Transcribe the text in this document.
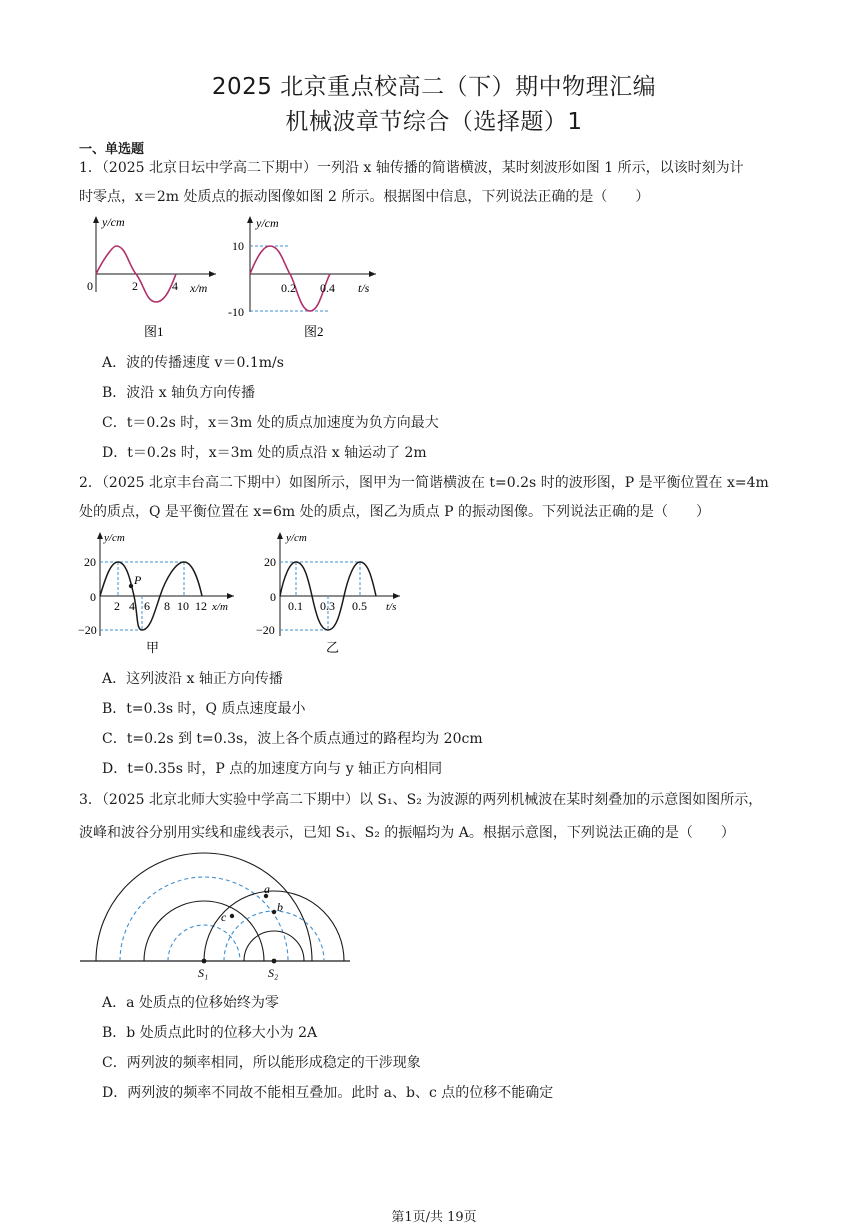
2025 北京重点校高二（下）期中物理汇编
机械波章节综合（选择题）1
一、单选题
1．（2025 北京日坛中学高二下期中）一列沿 x 轴传播的简谐横波，某时刻波形如图 1 所示，以该时刻为计
时零点，x＝2m 处质点的振动图像如图 2 所示。根据图中信息，下列说法正确的是（　　）
y/cm
x/m
0	2	4
图1
y/cm
t/s
10
-10
0.2 0.4
图2
A．波的传播速度 v＝0.1m/s
B．波沿 x 轴负方向传播
C．t＝0.2s 时，x＝3m 处的质点加速度为负方向最大
D．t＝0.2s 时，x＝3m 处的质点沿 x 轴运动了 2m
2．（2025 北京丰台高二下期中）如图所示，图甲为一简谐横波在 t=0.2s 时的波形图，P 是平衡位置在 x=4m
处的质点，Q 是平衡位置在 x=6m 处的质点，图乙为质点 P 的振动图像。下列说法正确的是（　　）
y/cm
x/m
20
0
−20
2 4 6 8 10 12
P
甲
y/cm
t/s
20
0
−20
0.1 0.3 0.5
乙
A．这列波沿 x 轴正方向传播
B．t=0.3s 时，Q 质点速度最小
C．t=0.2s 到 t=0.3s，波上各个质点通过的路程均为 20cm
D．t=0.35s 时，P 点的加速度方向与 y 轴正方向相同
3．（2025 北京北师大实验中学高二下期中）以 S₁、S₂ 为波源的两列机械波在某时刻叠加的示意图如图所示，
波峰和波谷分别用实线和虚线表示，已知 S₁、S₂ 的振幅均为 A。根据示意图，下列说法正确的是（　　）
a
b
c
S₁	S₂
A．a 处质点的位移始终为零
B．b 处质点此时的位移大小为 2A
C．两列波的频率相同，所以能形成稳定的干涉现象
D．两列波的频率不同故不能相互叠加。此时 a、b、c 点的位移不能确定
第1页/共 19页
